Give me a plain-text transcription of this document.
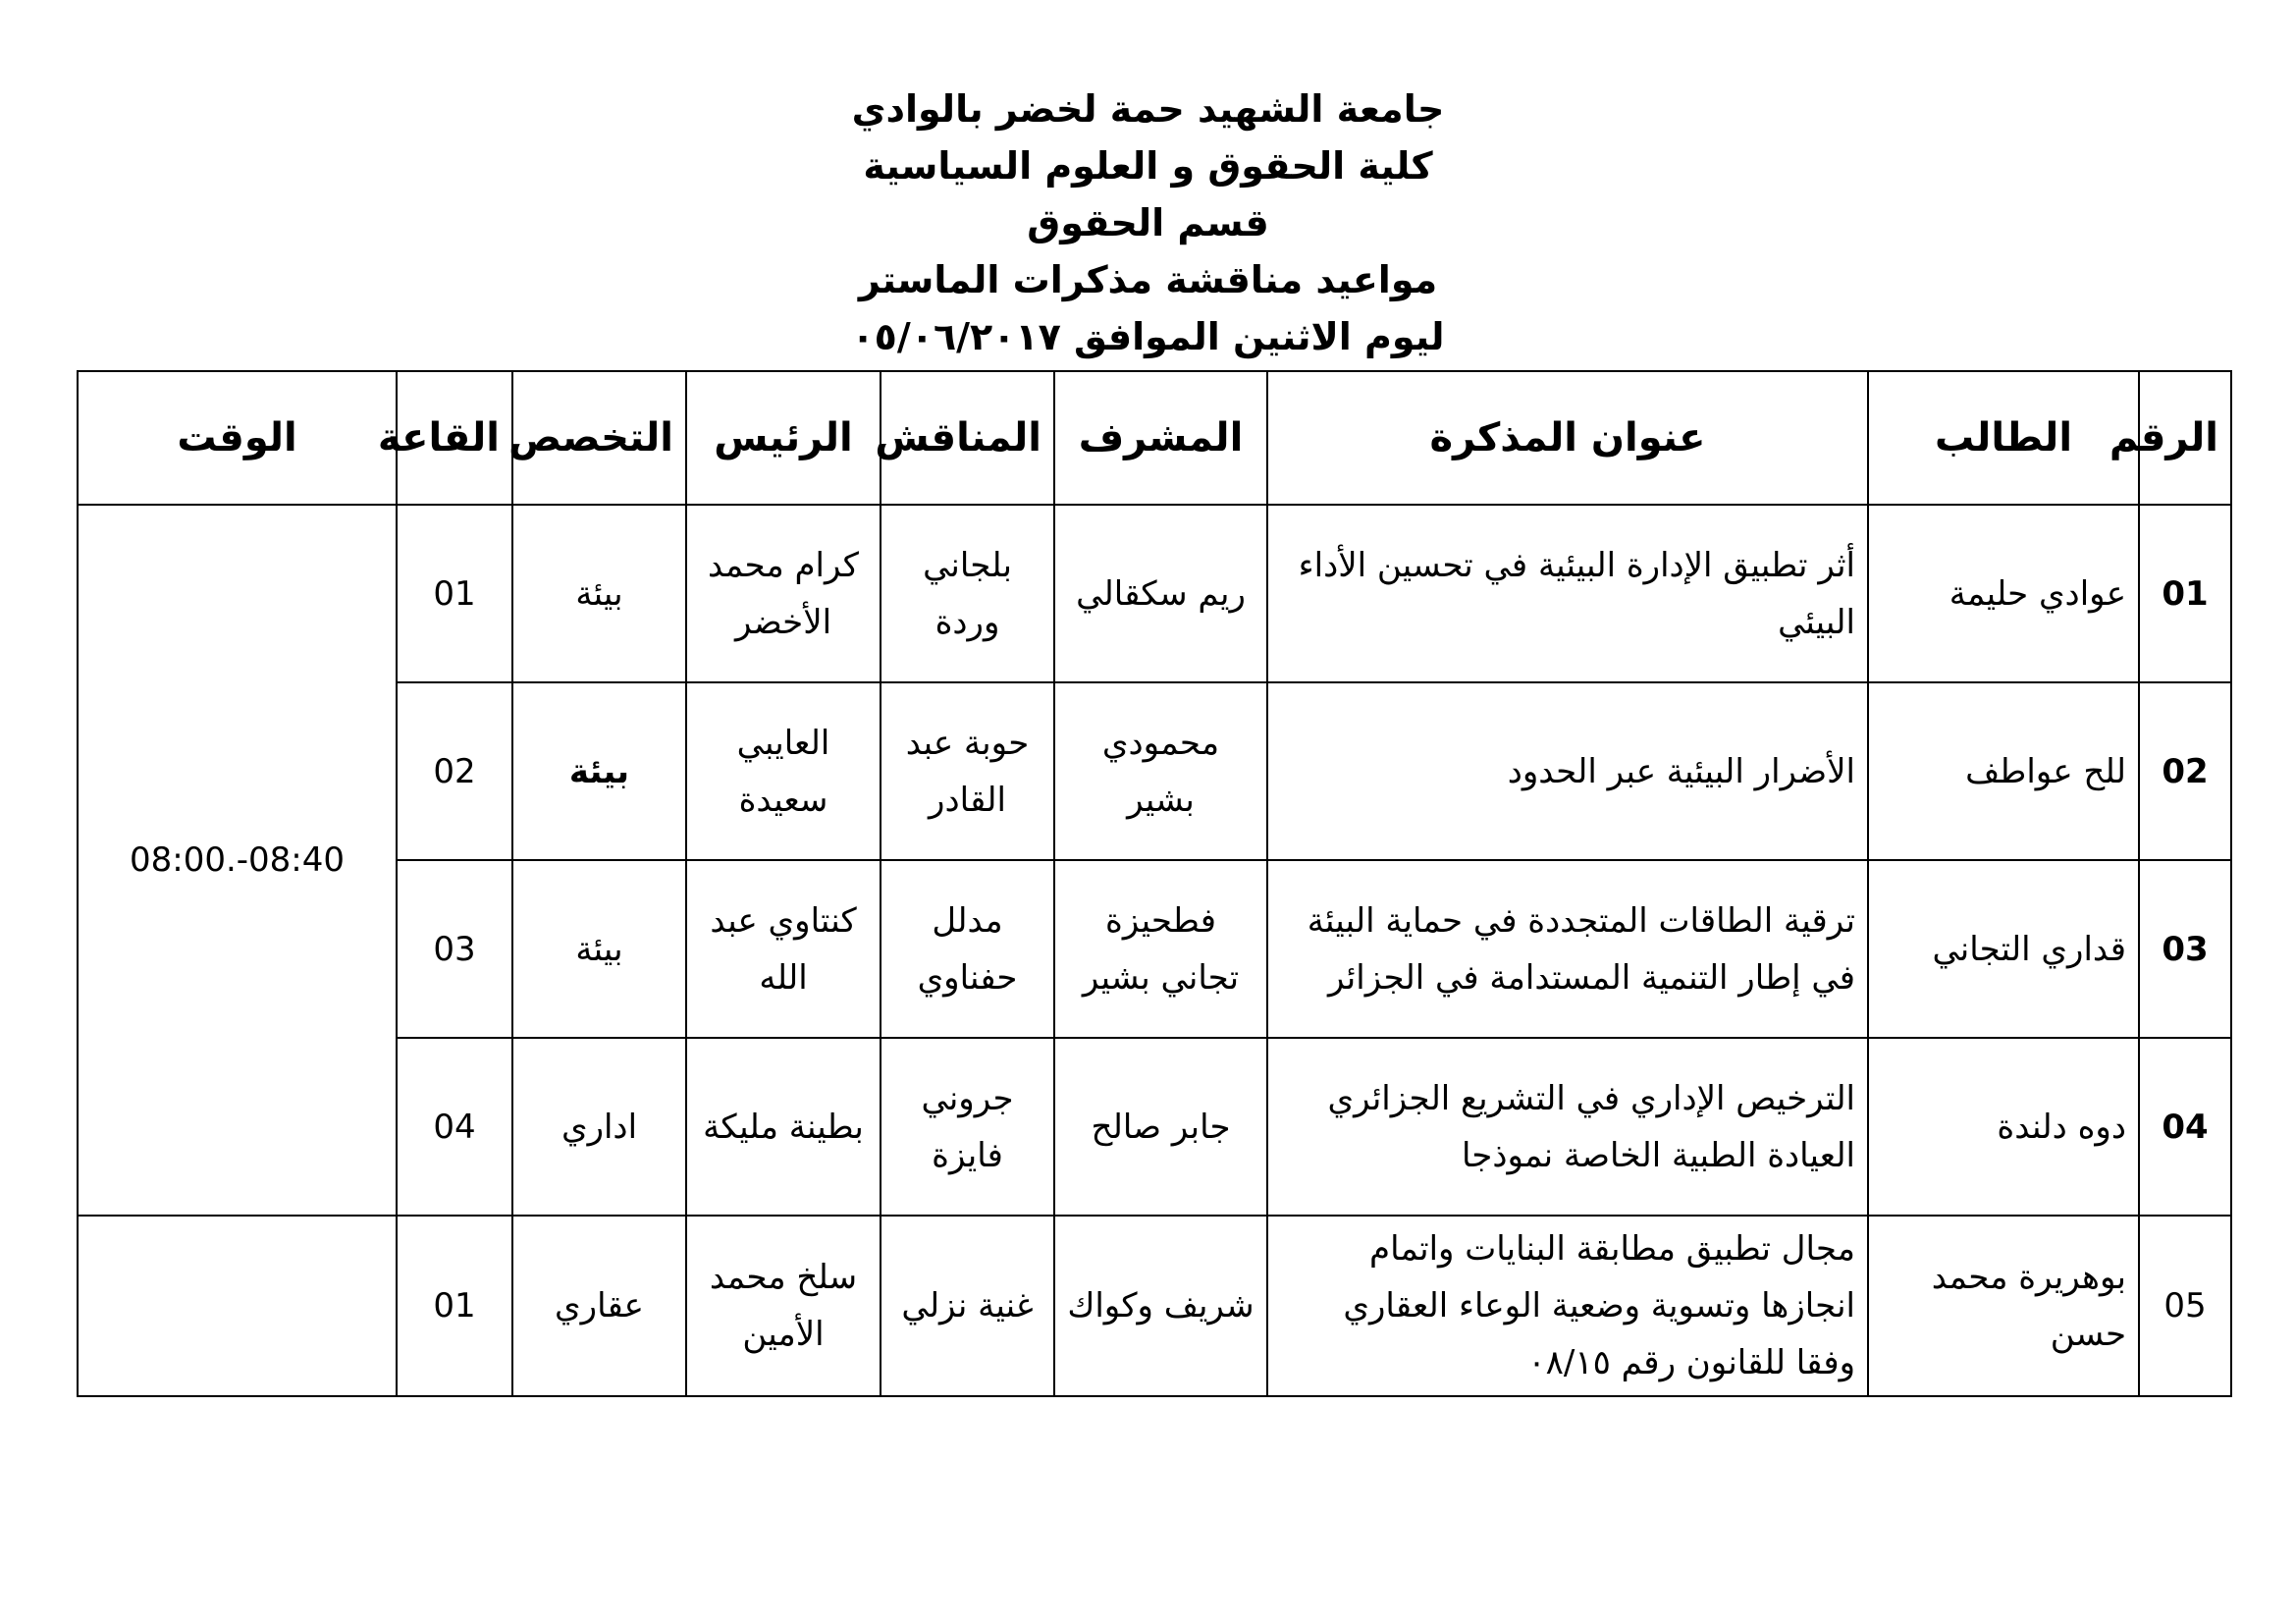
جامعة الشهيد حمة لخضر بالوادي
كلية الحقوق و العلوم السياسية
قسم الحقوق
مواعيد مناقشة مذكرات الماستر
ليوم الاثنين الموافق ٠٥/٠٦/٢٠١٧
الرقم	الطالب	عنوان المذكرة	المشرف	المناقش	الرئيس	التخصص	القاعة	الوقت
01	عوادي حليمة	أثر تطبيق الإدارة البيئية في تحسين الأداء البيئي	ريم سكقالي	بلجاني وردة	كرام محمد الأخضر	بيئة	01	08:40-.08:00
02	للح عواطف	الأضرار البيئية عبر الحدود	محمودي بشير	حوبة عبد القادر	العايبي سعيدة	بيئة	02	
03	قداري التجاني	ترقية الطاقات المتجددة في حماية البيئة في إطار التنمية المستدامة في الجزائر	فطحيزة تجاني بشير	مدلل حفناوي	كنتاوي عبد الله	بيئة	03	
04	دوه دلندة	الترخيص الإداري في التشريع الجزائري العيادة الطبية الخاصة نموذجا	جابر صالح	جروني فايزة	بطينة مليكة	اداري	04	
05	بوهريرة محمد حسن	مجال تطبيق مطابقة البنايات واتمام انجازها وتسوية وضعية الوعاء العقاري وفقا للقانون رقم ٠٨/١٥	شريف وكواك	غنية نزلي	سلخ محمد الأمين	عقاري	01	
